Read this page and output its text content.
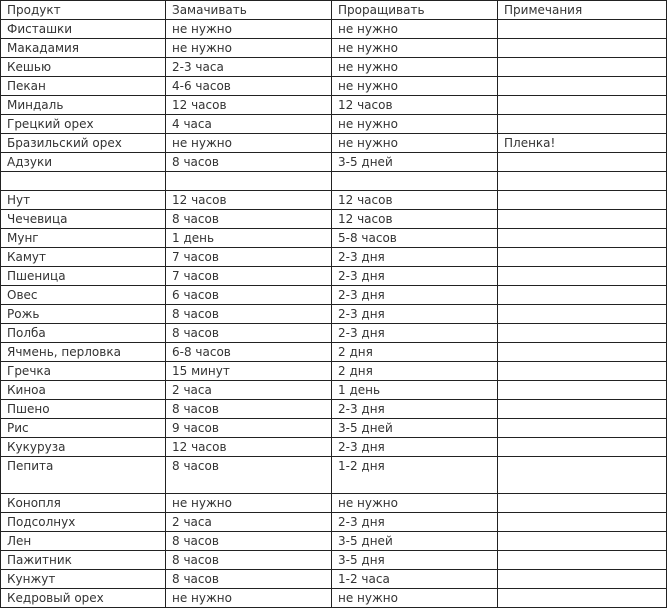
Продукт	Замачивать	Проращивать	Примечания
Фисташки	не нужно	не нужно	
Макадамия	не нужно	не нужно	
Кешью	2-3 часа	не нужно	
Пекан	4-6 часов	не нужно	
Миндаль	12 часов	12 часов	
Грецкий орех	4 часа	не нужно	
Бразильский орех	не нужно	не нужно	Пленка!
Адзуки	8 часов	3-5 дней	

Нут	12 часов	12 часов	
Чечевица	8 часов	12 часов	
Мунг	1 день	5-8 часов	
Камут	7 часов	2-3 дня	
Пшеница	7 часов	2-3 дня	
Овес	6 часов	2-3 дня	
Рожь	8 часов	2-3 дня	
Полба	8 часов	2-3 дня	
Ячмень, перловка	6-8 часов	2 дня	
Гречка	15 минут	2 дня	
Киноа	2 часа	1 день	
Пшено	8 часов	2-3 дня	
Рис	9 часов	3-5 дней	
Кукуруза	12 часов	2-3 дня	
Пепита	8 часов	1-2 дня	
Конопля	не нужно	не нужно	
Подсолнух	2 часа	2-3 дня	
Лен	8 часов	3-5 дней	
Пажитник	8 часов	3-5 дня	
Кунжут	8 часов	1-2 часа	
Кедровый орех	не нужно	не нужно	
